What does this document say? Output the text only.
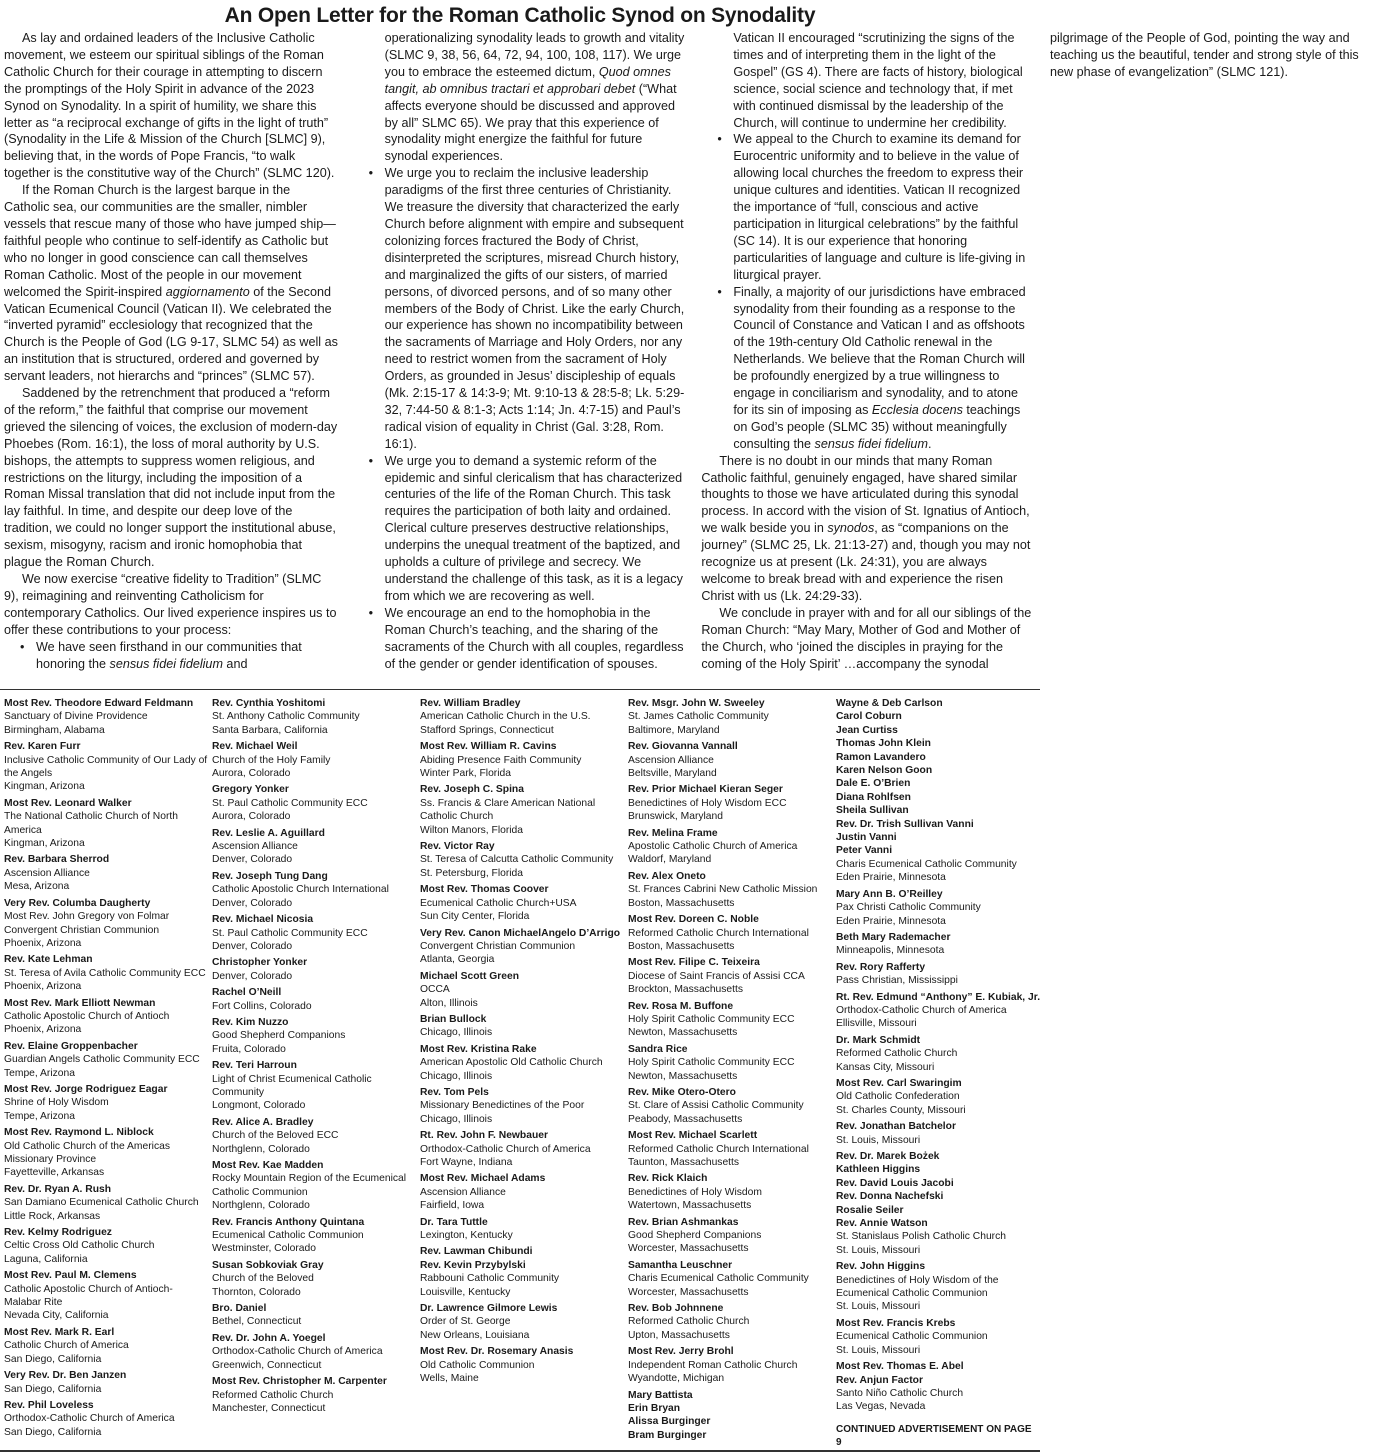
An Open Letter for the Roman Catholic Synod on Synodality

As lay and ordained leaders of the Inclusive Catholic movement, we esteem our spiritual siblings of the Roman Catholic Church for their courage in attempting to discern the promptings of the Holy Spirit in advance of the 2023 Synod on Synodality. In a spirit of humility, we share this letter as “a reciprocal exchange of gifts in the light of truth” (Synodality in the Life & Mission of the Church [SLMC] 9), believing that, in the words of Pope Francis, “to walk together is the constitutive way of the Church” (SLMC 120).

If the Roman Church is the largest barque in the Catholic sea, our communities are the smaller, nimbler vessels that rescue many of those who have jumped ship—faithful people who continue to self-identify as Catholic but who no longer in good conscience can call themselves Roman Catholic. Most of the people in our movement welcomed the Spirit-inspired aggiornamento of the Second Vatican Ecumenical Council (Vatican II). We celebrated the “inverted pyramid” ecclesiology that recognized that the Church is the People of God (LG 9-17, SLMC 54) as well as an institution that is structured, ordered and governed by servant leaders, not hierarchs and “princes” (SLMC 57).

Saddened by the retrenchment that produced a “reform of the reform,” the faithful that comprise our movement grieved the silencing of voices, the exclusion of modern-day Phoebes (Rom. 16:1), the loss of moral authority by U.S. bishops, the attempts to suppress women religious, and restrictions on the liturgy, including the imposition of a Roman Missal translation that did not include input from the lay faithful. In time, and despite our deep love of the tradition, we could no longer support the institutional abuse, sexism, misogyny, racism and ironic homophobia that plague the Roman Church.

We now exercise “creative fidelity to Tradition” (SLMC 9), reimagining and reinventing Catholicism for contemporary Catholics. Our lived experience inspires us to offer these contributions to your process:

• We have seen firsthand in our communities that honoring the sensus fidei fidelium and operationalizing synodality leads to growth and vitality (SLMC 9, 38, 56, 64, 72, 94, 100, 108, 117). We urge you to embrace the esteemed dictum, Quod omnes tangit, ab omnibus tractari et approbari debet (“What affects everyone should be discussed and approved by all” SLMC 65). We pray that this experience of synodality might energize the faithful for future synodal experiences.
• We urge you to reclaim the inclusive leadership paradigms of the first three centuries of Christianity. We treasure the diversity that characterized the early Church before alignment with empire and subsequent colonizing forces fractured the Body of Christ, disinterpreted the scriptures, misread Church history, and marginalized the gifts of our sisters, of married persons, of divorced persons, and of so many other members of the Body of Christ. Like the early Church, our experience has shown no incompatibility between the sacraments of Marriage and Holy Orders, nor any need to restrict women from the sacrament of Holy Orders, as grounded in Jesus’ discipleship of equals (Mk. 2:15-17 & 14:3-9; Mt. 9:10-13 & 28:5-8; Lk. 5:29-32, 7:44-50 & 8:1-3; Acts 1:14; Jn. 4:7-15) and Paul’s radical vision of equality in Christ (Gal. 3:28, Rom. 16:1).
• We urge you to demand a systemic reform of the epidemic and sinful clericalism that has characterized centuries of the life of the Roman Church. This task requires the participation of both laity and ordained. Clerical culture preserves destructive relationships, underpins the unequal treatment of the baptized, and upholds a culture of privilege and secrecy. We understand the challenge of this task, as it is a legacy from which we are recovering as well.
• We encourage an end to the homophobia in the Roman Church’s teaching, and the sharing of the sacraments of the Church with all couples, regardless of the gender or gender identification of spouses. Vatican II encouraged “scrutinizing the signs of the times and of interpreting them in the light of the Gospel” (GS 4). There are facts of history, biological science, social science and technology that, if met with continued dismissal by the leadership of the Church, will continue to undermine her credibility.
• We appeal to the Church to examine its demand for Eurocentric uniformity and to believe in the value of allowing local churches the freedom to express their unique cultures and identities. Vatican II recognized the importance of “full, conscious and active participation in liturgical celebrations” by the faithful (SC 14). It is our experience that honoring particularities of language and culture is life-giving in liturgical prayer.
• Finally, a majority of our jurisdictions have embraced synodality from their founding as a response to the Council of Constance and Vatican I and as offshoots of the 19th-century Old Catholic renewal in the Netherlands. We believe that the Roman Church will be profoundly energized by a true willingness to engage in conciliarism and synodality, and to atone for its sin of imposing as Ecclesia docens teachings on God’s people (SLMC 35) without meaningfully consulting the sensus fidei fidelium.

There is no doubt in our minds that many Roman Catholic faithful, genuinely engaged, have shared similar thoughts to those we have articulated during this synodal process. In accord with the vision of St. Ignatius of Antioch, we walk beside you in synodos, as “companions on the journey” (SLMC 25, Lk. 21:13-27) and, though you may not recognize us at present (Lk. 24:31), you are always welcome to break bread with and experience the risen Christ with us (Lk. 24:29-33).

We conclude in prayer with and for all our siblings of the Roman Church: “May Mary, Mother of God and Mother of the Church, who ‘joined the disciples in praying for the coming of the Holy Spirit’ …accompany the synodal pilgrimage of the People of God, pointing the way and teaching us the beautiful, tender and strong style of this new phase of evangelization” (SLMC 121).

Most Rev. Theodore Edward Feldmann
Sanctuary of Divine Providence
Birmingham, Alabama
Rev. Karen Furr
Inclusive Catholic Community of Our Lady of the Angels
Kingman, Arizona
Most Rev. Leonard Walker
The National Catholic Church of North America
Kingman, Arizona
Rev. Barbara Sherrod
Ascension Alliance
Mesa, Arizona
Very Rev. Columba Daugherty
Most Rev. John Gregory von Folmar
Convergent Christian Communion
Phoenix, Arizona
Rev. Kate Lehman
St. Teresa of Avila Catholic Community ECC
Phoenix, Arizona
Most Rev. Mark Elliott Newman
Catholic Apostolic Church of Antioch
Phoenix, Arizona
Rev. Elaine Groppenbacher
Guardian Angels Catholic Community ECC
Tempe, Arizona
Most Rev. Jorge Rodriguez Eagar
Shrine of Holy Wisdom
Tempe, Arizona
Most Rev. Raymond L. Niblock
Old Catholic Church of the Americas
Missionary Province
Fayetteville, Arkansas
Rev. Dr. Ryan A. Rush
San Damiano Ecumenical Catholic Church
Little Rock, Arkansas
Rev. Kelmy Rodriguez
Celtic Cross Old Catholic Church
Laguna, California
Most Rev. Paul M. Clemens
Catholic Apostolic Church of Antioch-Malabar Rite
Nevada City, California
Most Rev. Mark R. Earl
Catholic Church of America
San Diego, California
Very Rev. Dr. Ben Janzen
San Diego, California
Rev. Phil Loveless
Orthodox-Catholic Church of America
San Diego, California
Rev. Cynthia Yoshitomi
St. Anthony Catholic Community
Santa Barbara, California
Rev. Michael Weil
Church of the Holy Family
Aurora, Colorado
Gregory Yonker
St. Paul Catholic Community ECC
Aurora, Colorado
Rev. Leslie A. Aguillard
Ascension Alliance
Denver, Colorado
Rev. Joseph Tung Dang
Catholic Apostolic Church International
Denver, Colorado
Rev. Michael Nicosia
St. Paul Catholic Community ECC
Denver, Colorado
Christopher Yonker
Denver, Colorado
Rachel O’Neill
Fort Collins, Colorado
Rev. Kim Nuzzo
Good Shepherd Companions
Fruita, Colorado
Rev. Teri Harroun
Light of Christ Ecumenical Catholic Community
Longmont, Colorado
Rev. Alice A. Bradley
Church of the Beloved ECC
Northglenn, Colorado
Most Rev. Kae Madden
Rocky Mountain Region of the Ecumenical Catholic Communion
Northglenn, Colorado
Rev. Francis Anthony Quintana
Ecumenical Catholic Communion
Westminster, Colorado
Susan Sobkoviak Gray
Church of the Beloved
Thornton, Colorado
Bro. Daniel
Bethel, Connecticut
Rev. Dr. John A. Yoegel
Orthodox-Catholic Church of America
Greenwich, Connecticut
Most Rev. Christopher M. Carpenter
Reformed Catholic Church
Manchester, Connecticut
Rev. William Bradley
American Catholic Church in the U.S.
Stafford Springs, Connecticut
Most Rev. William R. Cavins
Abiding Presence Faith Community
Winter Park, Florida
Rev. Joseph C. Spina
Ss. Francis & Clare American National Catholic Church
Wilton Manors, Florida
Rev. Victor Ray
St. Teresa of Calcutta Catholic Community
St. Petersburg, Florida
Most Rev. Thomas Coover
Ecumenical Catholic Church+USA
Sun City Center, Florida
Very Rev. Canon MichaelAngelo D’Arrigo
Convergent Christian Communion
Atlanta, Georgia
Michael Scott Green
OCCA
Alton, Illinois
Brian Bullock
Chicago, Illinois
Most Rev. Kristina Rake
American Apostolic Old Catholic Church
Chicago, Illinois
Rev. Tom Pels
Missionary Benedictines of the Poor
Chicago, Illinois
Rt. Rev. John F. Newbauer
Orthodox-Catholic Church of America
Fort Wayne, Indiana
Most Rev. Michael Adams
Ascension Alliance
Fairfield, Iowa
Dr. Tara Tuttle
Lexington, Kentucky
Rev. Lawman Chibundi
Rev. Kevin Przybylski
Rabbouni Catholic Community
Louisville, Kentucky
Dr. Lawrence Gilmore Lewis
Order of St. George
New Orleans, Louisiana
Most Rev. Dr. Rosemary Anasis
Old Catholic Communion
Wells, Maine
Rev. Msgr. John W. Sweeley
St. James Catholic Community
Baltimore, Maryland
Rev. Giovanna Vannall
Ascension Alliance
Beltsville, Maryland
Rev. Prior Michael Kieran Seger
Benedictines of Holy Wisdom ECC
Brunswick, Maryland
Rev. Melina Frame
Apostolic Catholic Church of America
Waldorf, Maryland
Rev. Alex Oneto
St. Frances Cabrini New Catholic Mission
Boston, Massachusetts
Most Rev. Doreen C. Noble
Reformed Catholic Church International
Boston, Massachusetts
Most Rev. Filipe C. Teixeira
Diocese of Saint Francis of Assisi CCA
Brockton, Massachusetts
Rev. Rosa M. Buffone
Holy Spirit Catholic Community ECC
Newton, Massachusetts
Sandra Rice
Holy Spirit Catholic Community ECC
Newton, Massachusetts
Rev. Mike Otero-Otero
St. Clare of Assisi Catholic Community
Peabody, Massachusetts
Most Rev. Michael Scarlett
Reformed Catholic Church International
Taunton, Massachusetts
Rev. Rick Klaich
Benedictines of Holy Wisdom
Watertown, Massachusetts
Rev. Brian Ashmankas
Good Shepherd Companions
Worcester, Massachusetts
Samantha Leuschner
Charis Ecumenical Catholic Community
Worcester, Massachusetts
Rev. Bob Johnnene
Reformed Catholic Church
Upton, Massachusetts
Most Rev. Jerry Brohl
Independent Roman Catholic Church
Wyandotte, Michigan
Mary Battista
Erin Bryan
Alissa Burginger
Bram Burginger
Wayne & Deb Carlson
Carol Coburn
Jean Curtiss
Thomas John Klein
Ramon Lavandero
Karen Nelson Goon
Dale E. O’Brien
Diana Rohlfsen
Sheila Sullivan
Rev. Dr. Trish Sullivan Vanni
Justin Vanni
Peter Vanni
Charis Ecumenical Catholic Community
Eden Prairie, Minnesota
Mary Ann B. O’Reilley
Pax Christi Catholic Community
Eden Prairie, Minnesota
Beth Mary Rademacher
Minneapolis, Minnesota
Rev. Rory Rafferty
Pass Christian, Mississippi
Rt. Rev. Edmund “Anthony” E. Kubiak, Jr.
Orthodox-Catholic Church of America
Ellisville, Missouri
Dr. Mark Schmidt
Reformed Catholic Church
Kansas City, Missouri
Most Rev. Carl Swaringim
Old Catholic Confederation
St. Charles County, Missouri
Rev. Jonathan Batchelor
St. Louis, Missouri
Rev. Dr. Marek Bożek
Kathleen Higgins
Rev. David Louis Jacobi
Rev. Donna Nachefski
Rosalie Seiler
Rev. Annie Watson
St. Stanislaus Polish Catholic Church
St. Louis, Missouri
Rev. John Higgins
Benedictines of Holy Wisdom of the Ecumenical Catholic Communion
St. Louis, Missouri
Most Rev. Francis Krebs
Ecumenical Catholic Communion
St. Louis, Missouri
Most Rev. Thomas E. Abel
Rev. Anjun Factor
Santo Niño Catholic Church
Las Vegas, Nevada
CONTINUED ADVERTISEMENT ON PAGE 9
